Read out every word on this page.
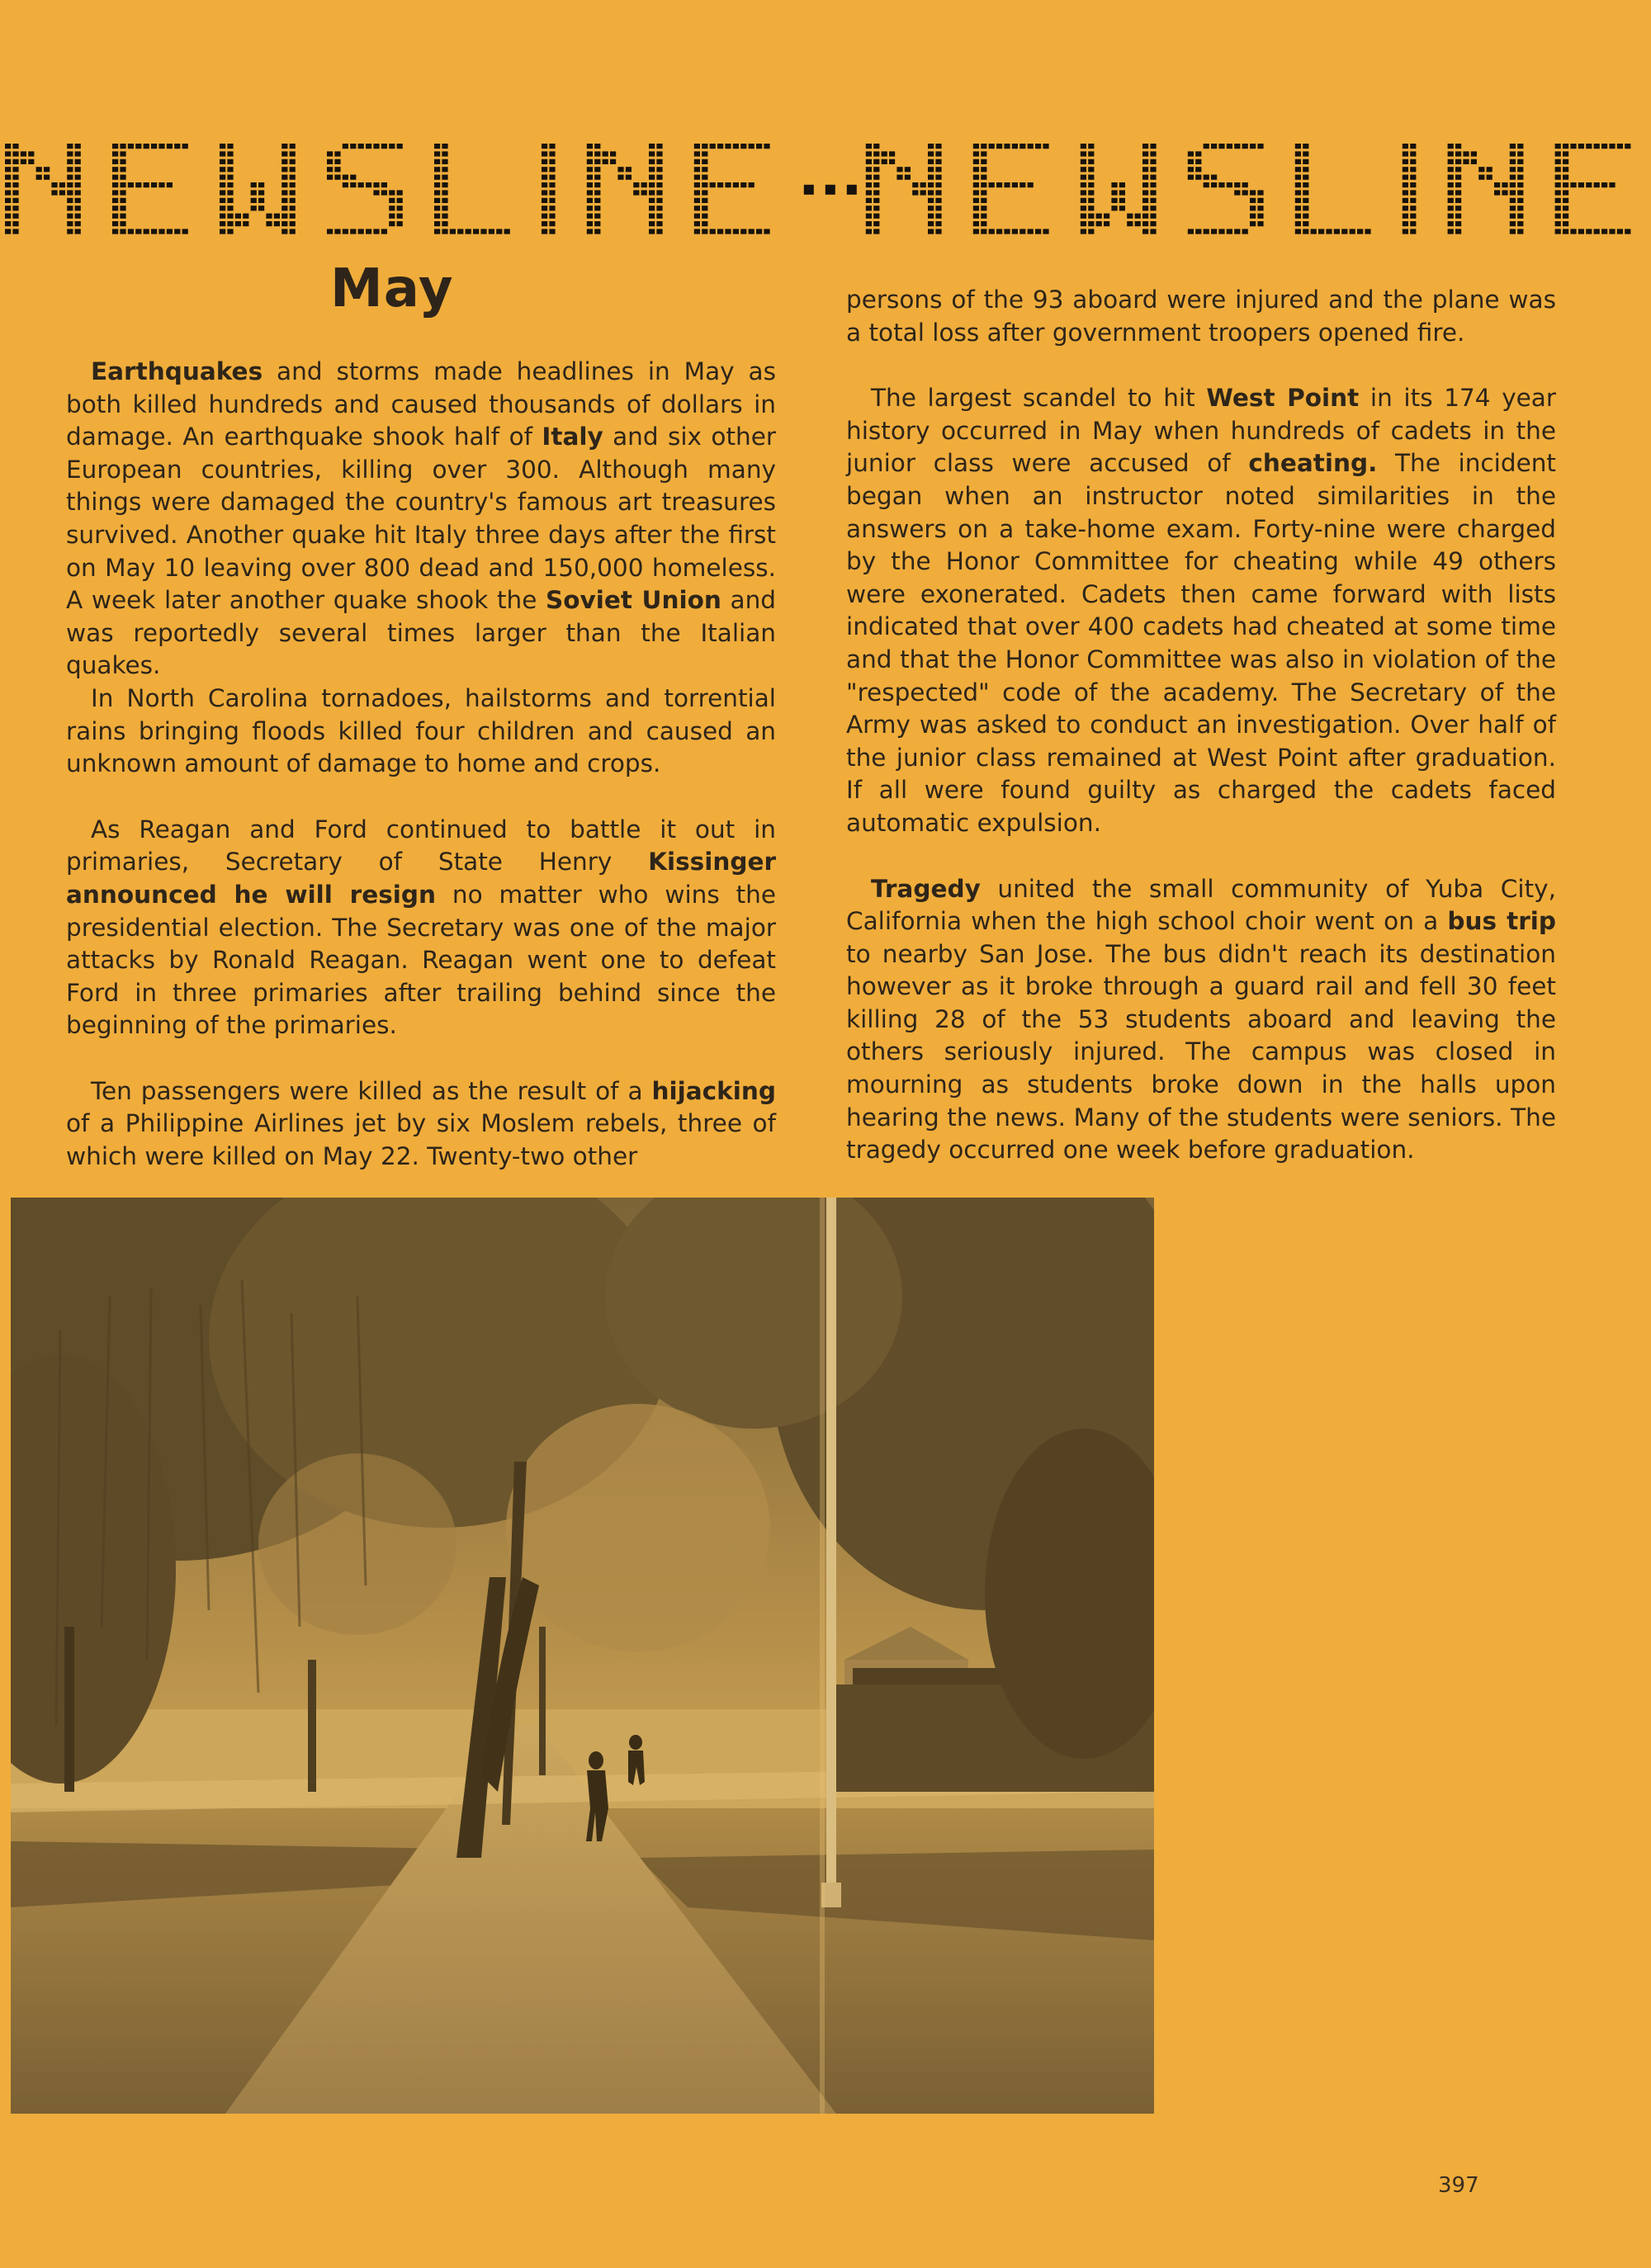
May

Earthquakes and storms made headlines in May as both killed hundreds and caused thousands of dollars in damage. An earthquake shook half of Italy and six other European countries, killing over 300. Although many things were damaged the country's famous art treasures survived. Another quake hit Italy three days after the first on May 10 leaving over 800 dead and 150,000 homeless. A week later another quake shook the Soviet Union and was reportedly several times larger than the Italian quakes.

In North Carolina tornadoes, hailstorms and torrential rains bringing floods killed four children and caused an unknown amount of damage to home and crops.

As Reagan and Ford continued to battle it out in primaries, Secretary of State Henry Kissinger announced he will resign no matter who wins the presidential election. The Secretary was one of the major attacks by Ronald Reagan. Reagan went one to defeat Ford in three primaries after trailing behind since the beginning of the primaries.

Ten passengers were killed as the result of a hijacking of a Philippine Airlines jet by six Moslem rebels, three of which were killed on May 22. Twenty-two other

persons of the 93 aboard were injured and the plane was a total loss after government troopers opened fire.

The largest scandel to hit West Point in its 174 year history occurred in May when hundreds of cadets in the junior class were accused of cheating. The incident began when an instructor noted similarities in the answers on a take-home exam. Forty-nine were charged by the Honor Committee for cheating while 49 others were exonerated. Cadets then came forward with lists indicated that over 400 cadets had cheated at some time and that the Honor Committee was also in violation of the "respected" code of the academy. The Secretary of the Army was asked to conduct an investigation. Over half of the junior class remained at West Point after graduation. If all were found guilty as charged the cadets faced automatic expulsion.

Tragedy united the small community of Yuba City, California when the high school choir went on a bus trip to nearby San Jose. The bus didn't reach its destination however as it broke through a guard rail and fell 30 feet killing 28 of the 53 students aboard and leaving the others seriously injured. The campus was closed in mourning as students broke down in the halls upon hearing the news. Many of the students were seniors. The tragedy occurred one week before graduation.

397
